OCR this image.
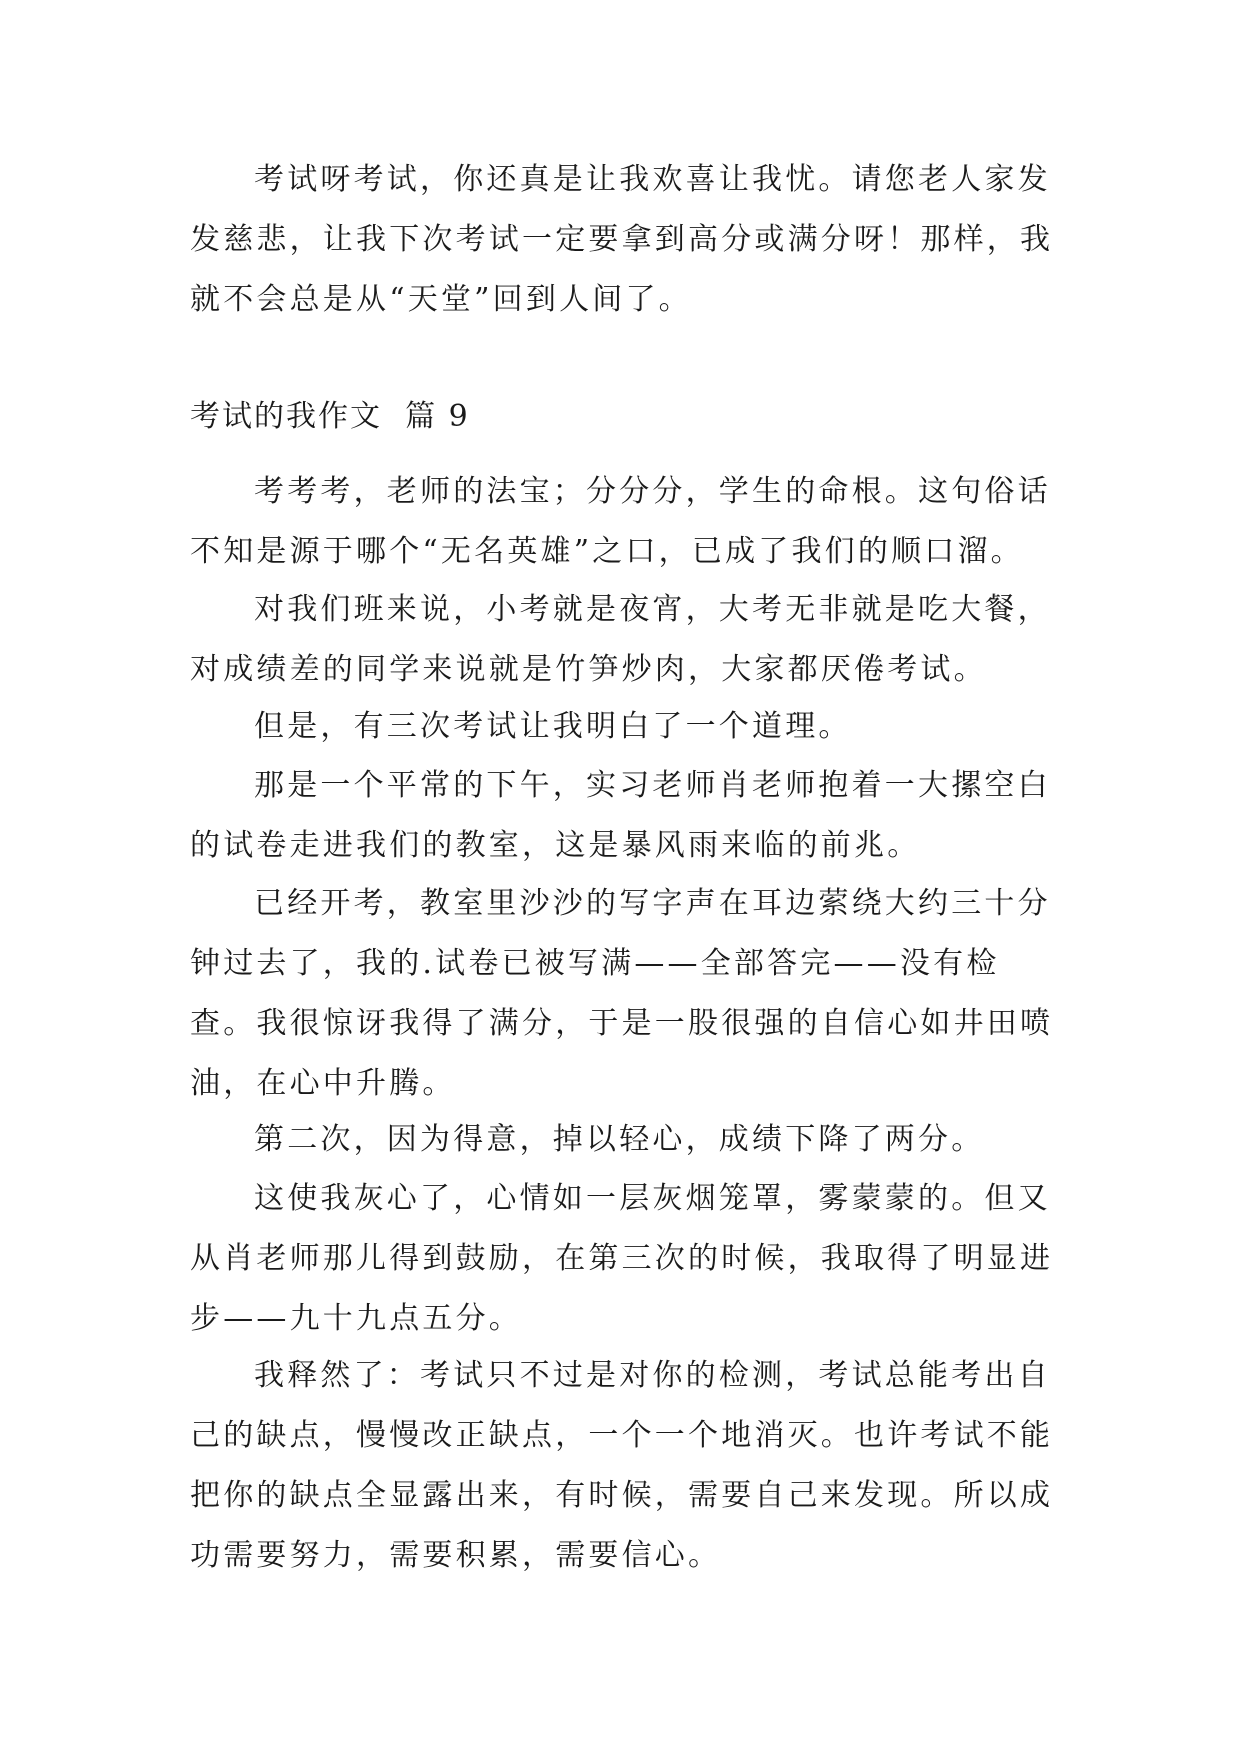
考试呀考试，你还真是让我欢喜让我忧。请您老人家发发慈悲，让我下次考试一定要拿到高分或满分呀！那样，我就不会总是从“天堂”回到人间了。

考试的我作文  篇 9

考考考，老师的法宝；分分分，学生的命根。这句俗话不知是源于哪个“无名英雄”之口，已成了我们的顺口溜。

对我们班来说，小考就是夜宵，大考无非就是吃大餐，对成绩差的同学来说就是竹笋炒肉，大家都厌倦考试。

但是，有三次考试让我明白了一个道理。

那是一个平常的下午，实习老师肖老师抱着一大摞空白的试卷走进我们的教室，这是暴风雨来临的前兆。

已经开考，教室里沙沙的写字声在耳边萦绕大约三十分钟过去了，我的.试卷已被写满——全部答完——没有检查。我很惊讶我得了满分，于是一股很强的自信心如井田喷油，在心中升腾。

第二次，因为得意，掉以轻心，成绩下降了两分。

这使我灰心了，心情如一层灰烟笼罩，雾蒙蒙的。但又从肖老师那儿得到鼓励，在第三次的时候，我取得了明显进步——九十九点五分。

我释然了：考试只不过是对你的检测，考试总能考出自己的缺点，慢慢改正缺点，一个一个地消灭。也许考试不能把你的缺点全显露出来，有时候，需要自己来发现。所以成功需要努力，需要积累，需要信心。
